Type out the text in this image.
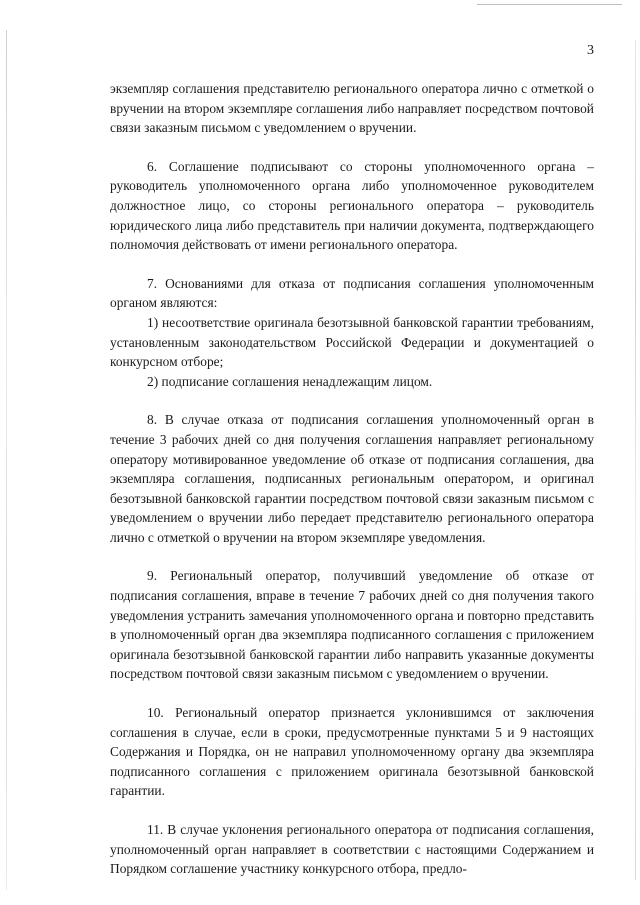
3

экземпляр соглашения представителю регионального оператора лично с отметкой о вручении на втором экземпляре соглашения либо направляет посредством почтовой связи заказным письмом с уведомлением о вручении.

6. Соглашение подписывают со стороны уполномоченного органа – руководитель уполномоченного органа либо уполномоченное руководителем должностное лицо, со стороны регионального оператора – руководитель юридического лица либо представитель при наличии документа, подтверждающего полномочия действовать от имени регионального оператора.

7. Основаниями для отказа от подписания соглашения уполномоченным органом являются:

1) несоответствие оригинала безотзывной банковской гарантии требованиям, установленным законодательством Российской Федерации и документацией о конкурсном отборе;

2) подписание соглашения ненадлежащим лицом.

8. В случае отказа от подписания соглашения уполномоченный орган в течение 3 рабочих дней со дня получения соглашения направляет региональному оператору мотивированное уведомление об отказе от подписания соглашения, два экземпляра соглашения, подписанных региональным оператором, и оригинал безотзывной банковской гарантии посредством почтовой связи заказным письмом с уведомлением о вручении либо передает представителю регионального оператора лично с отметкой о вручении на втором экземпляре уведомления.

9. Региональный оператор, получивший уведомление об отказе от подписания соглашения, вправе в течение 7 рабочих дней со дня получения такого уведомления устранить замечания уполномоченного органа и повторно представить в уполномоченный орган два экземпляра подписанного соглашения с приложением оригинала безотзывной банковской гарантии либо направить указанные документы посредством почтовой связи заказным письмом с уведомлением о вручении.

10. Региональный оператор признается уклонившимся от заключения соглашения в случае, если в сроки, предусмотренные пунктами 5 и 9 настоящих Содержания и Порядка, он не направил уполномоченному органу два экземпляра подписанного соглашения с приложением оригинала безотзывной банковской гарантии.

11. В случае уклонения регионального оператора от подписания соглашения, уполномоченный орган направляет в соответствии с настоящими Содержанием и Порядком соглашение участнику конкурсного отбора, предло-
